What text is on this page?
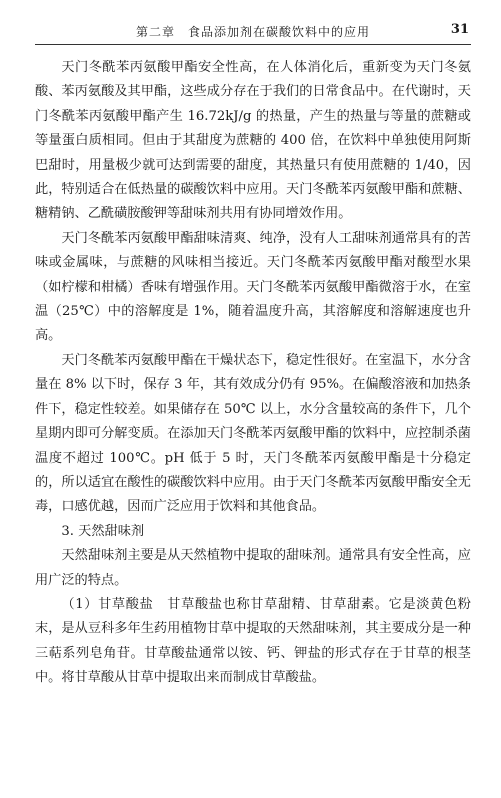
第二章　食品添加剂在碳酸饮料中的应用	31

天门冬酰苯丙氨酸甲酯安全性高，在人体消化后，重新变为天门冬氨酸、苯丙氨酸及其甲酯，这些成分存在于我们的日常食品中。在代谢时，天门冬酰苯丙氨酸甲酯产生 16.72kJ/g 的热量，产生的热量与等量的蔗糖或等量蛋白质相同。但由于其甜度为蔗糖的 400 倍，在饮料中单独使用阿斯巴甜时，用量极少就可达到需要的甜度，其热量只有使用蔗糖的 1/40，因此，特别适合在低热量的碳酸饮料中应用。天门冬酰苯丙氨酸甲酯和蔗糖、糖精钠、乙酰磺胺酸钾等甜味剂共用有协同增效作用。

天门冬酰苯丙氨酸甲酯甜味清爽、纯净，没有人工甜味剂通常具有的苦味或金属味，与蔗糖的风味相当接近。天门冬酰苯丙氨酸甲酯对酸型水果（如柠檬和柑橘）香味有增强作用。天门冬酰苯丙氨酸甲酯微溶于水，在室温（25℃）中的溶解度是 1%，随着温度升高，其溶解度和溶解速度也升高。

天门冬酰苯丙氨酸甲酯在干燥状态下，稳定性很好。在室温下，水分含量在 8% 以下时，保存 3 年，其有效成分仍有 95%。在偏酸溶液和加热条件下，稳定性较差。如果储存在 50℃ 以上，水分含量较高的条件下，几个星期内即可分解变质。在添加天门冬酰苯丙氨酸甲酯的饮料中，应控制杀菌温度不超过 100℃。pH 低于 5 时，天门冬酰苯丙氨酸甲酯是十分稳定的，所以适宜在酸性的碳酸饮料中应用。由于天门冬酰苯丙氨酸甲酯安全无毒，口感优越，因而广泛应用于饮料和其他食品。

3. 天然甜味剂

天然甜味剂主要是从天然植物中提取的甜味剂。通常具有安全性高，应用广泛的特点。

（1）甘草酸盐　甘草酸盐也称甘草甜精、甘草甜素。它是淡黄色粉末，是从豆科多年生药用植物甘草中提取的天然甜味剂，其主要成分是一种三萜系列皂角苷。甘草酸盐通常以铵、钙、钾盐的形式存在于甘草的根茎中。将甘草酸从甘草中提取出来而制成甘草酸盐。
